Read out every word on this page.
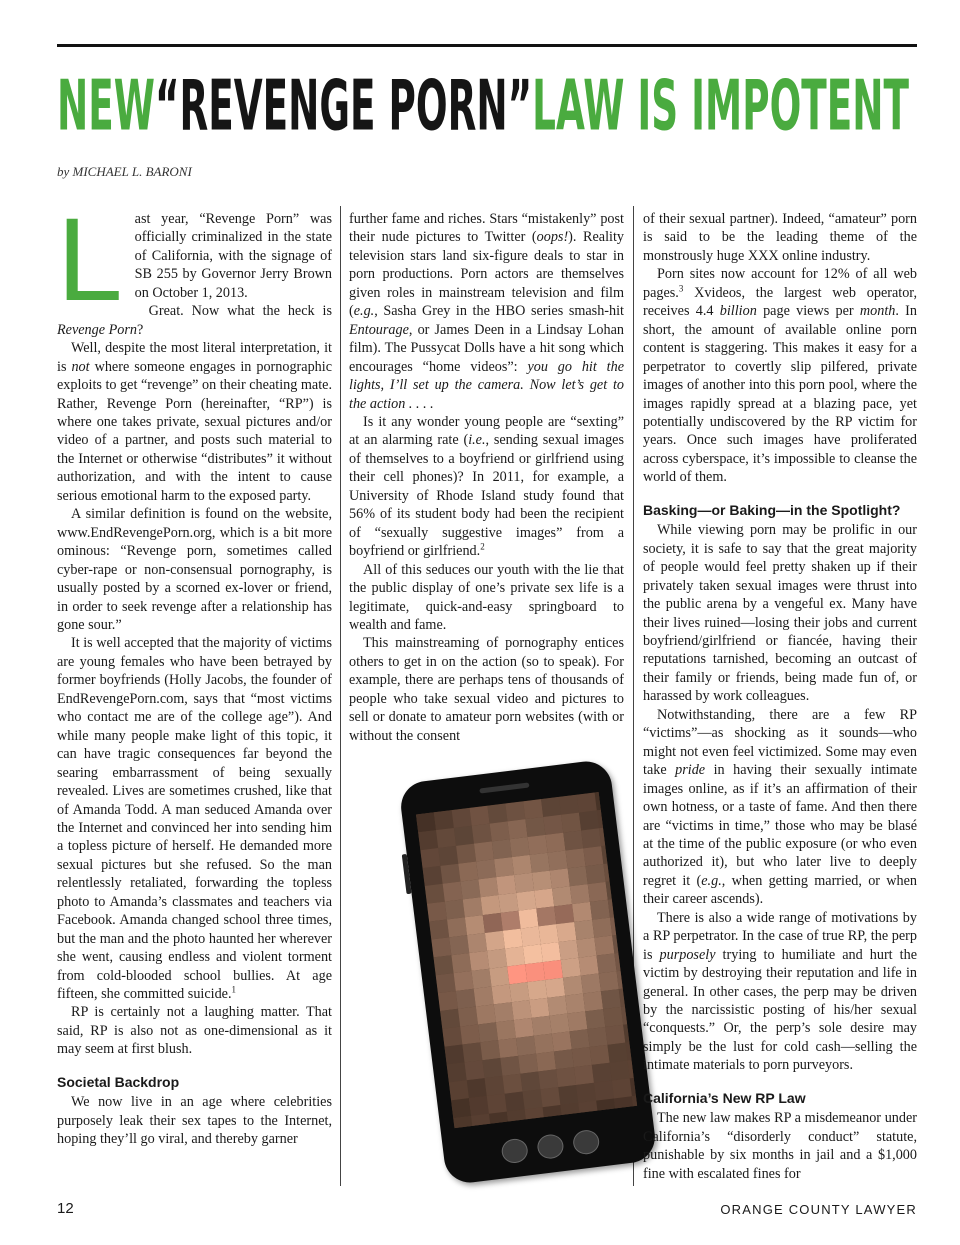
NEW“REVENGE PORN”LAW IS IMPOTENT
by MICHAEL L. BARONI

Last year, “Revenge Porn” was officially criminalized in the state of California, with the signage of SB 255 by Governor Jerry Brown on October 1, 2013.

Great. Now what the heck is Revenge Porn?

Well, despite the most literal interpretation, it is not where someone engages in pornographic exploits to get “revenge” on their cheating mate. Rather, Revenge Porn (hereinafter, “RP”) is where one takes private, sexual pictures and/or video of a partner, and posts such material to the Internet or otherwise “distributes” it without authorization, and with the intent to cause serious emotional harm to the exposed party.

A similar definition is found on the website, www.EndRevengePorn.org, which is a bit more ominous: “Revenge porn, sometimes called cyber-rape or non-consensual pornography, is usually posted by a scorned ex-lover or friend, in order to seek revenge after a relationship has gone sour.”

It is well accepted that the majority of victims are young females who have been betrayed by former boyfriends (Holly Jacobs, the founder of EndRevengePorn.com, says that “most victims who contact me are of the college age”). And while many people make light of this topic, it can have tragic consequences far beyond the searing embarrassment of being sexually revealed. Lives are sometimes crushed, like that of Amanda Todd. A man seduced Amanda over the Internet and convinced her into sending him a topless picture of herself. He demanded more sexual pictures but she refused. So the man relentlessly retaliated, forwarding the topless photo to Amanda’s classmates and teachers via Facebook. Amanda changed school three times, but the man and the photo haunted her wherever she went, causing endless and violent torment from cold-blooded school bullies. At age fifteen, she committed suicide.$^1$

RP is certainly not a laughing matter. That said, RP is also not as one-dimensional as it may seem at first blush.

Societal Backdrop

We now live in an age where celebrities purposely leak their sex tapes to the Internet, hoping they’ll go viral, and thereby garner

further fame and riches. Stars “mistakenly” post their nude pictures to Twitter (oops!). Reality television stars land six-figure deals to star in porn productions. Porn actors are themselves given roles in mainstream television and film (e.g., Sasha Grey in the HBO series smash-hit Entourage, or James Deen in a Lindsay Lohan film). The Pussycat Dolls have a hit song which encourages “home videos”: you go hit the lights, I’ll set up the camera. Now let’s get to the action . . . .

Is it any wonder young people are “sexting” at an alarming rate (i.e., sending sexual images of themselves to a boyfriend or girlfriend using their cell phones)? In 2011, for example, a University of Rhode Island study found that 56% of its student body had been the recipient of “sexually suggestive images” from a boyfriend or girlfriend.$^2$

All of this seduces our youth with the lie that the public display of one’s private sex life is a legitimate, quick-and-easy springboard to wealth and fame.

This mainstreaming of pornography entices others to get in on the action (so to speak). For example, there are perhaps tens of thousands of people who take sexual video and pictures to sell or donate to amateur porn websites (with or without the consent

of their sexual partner). Indeed, “amateur” porn is said to be the leading theme of the monstrously huge XXX online industry.

Porn sites now account for 12% of all web pages.$^3$ Xvideos, the largest web operator, receives 4.4 billion page views per month. In short, the amount of available online porn content is staggering. This makes it easy for a perpetrator to covertly slip pilfered, private images of another into this porn pool, where the images rapidly spread at a blazing pace, yet potentially undiscovered by the RP victim for years. Once such images have proliferated across cyberspace, it’s impossible to cleanse the world of them.

Basking—or Baking—in the Spotlight?

While viewing porn may be prolific in our society, it is safe to say that the great majority of people would feel pretty shaken up if their privately taken sexual images were thrust into the public arena by a vengeful ex. Many have their lives ruined—losing their jobs and current boyfriend/girlfriend or fiancée, having their reputations tarnished, becoming an outcast of their family or friends, being made fun of, or harassed by work colleagues.

Notwithstanding, there are a few RP “victims”—as shocking as it sounds—who might not even feel victimized. Some may even take pride in having their sexually intimate images online, as if it’s an affirmation of their own hotness, or a taste of fame. And then there are “victims in time,” those who may be blasé at the time of the public exposure (or who even authorized it), but who later live to deeply regret it (e.g., when getting married, or when their career ascends).

There is also a wide range of motivations by a RP perpetrator. In the case of true RP, the perp is purposely trying to humiliate and hurt the victim by destroying their reputation and life in general. In other cases, the perp may be driven by the narcissistic posting of his/her sexual “conquests.” Or, the perp’s sole desire may simply be the lust for cold cash—selling the intimate materials to porn purveyors.

California’s New RP Law

The new law makes RP a misdemeanor under California’s “disorderly conduct” statute, punishable by six months in jail and a $1,000 fine with escalated fines for

12	ORANGE COUNTY LAWYER
